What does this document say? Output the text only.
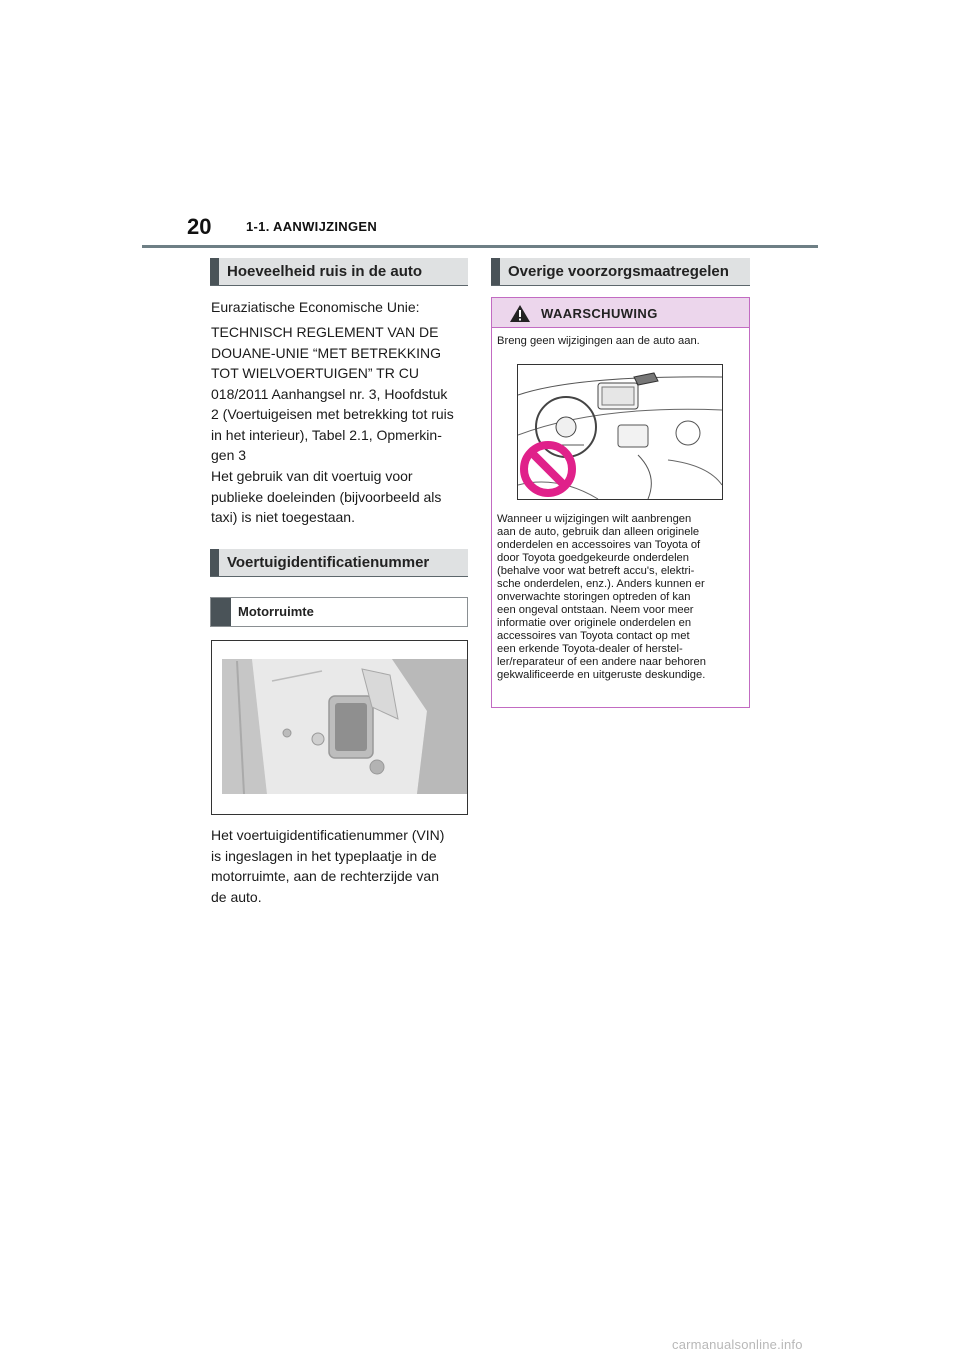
20	1-1. AANWIJZINGEN
Hoeveelheid ruis in de auto

Euraziatische Economische Unie:

TECHNISCH REGLEMENT VAN DE
DOUANE-UNIE “MET BETREKKING
TOT WIELVOERTUIGEN” TR CU
018/2011 Aanhangsel nr. 3, Hoofdstuk
2 (Voertuigeisen met betrekking tot ruis
in het interieur), Tabel 2.1, Opmerkin-
gen 3
Het gebruik van dit voertuig voor
publieke doeleinden (bijvoorbeeld als
taxi) is niet toegestaan.
Voertuigidentificatienummer
Motorruimte
Het voertuigidentificatienummer (VIN)
is ingeslagen in het typeplaatje in de
motorruimte, aan de rechterzijde van
de auto.
Overige voorzorgsmaatregelen
WAARSCHUWING

Breng geen wijzigingen aan de auto aan.

Wanneer u wijzigingen wilt aanbrengen
aan de auto, gebruik dan alleen originele
onderdelen en accessoires van Toyota of
door Toyota goedgekeurde onderdelen
(behalve voor wat betreft accu's, elektri-
sche onderdelen, enz.). Anders kunnen er
onverwachte storingen optreden of kan
een ongeval ontstaan. Neem voor meer
informatie over originele onderdelen en
accessoires van Toyota contact op met
een erkende Toyota-dealer of herstel-
ler/reparateur of een andere naar behoren
gekwalificeerde en uitgeruste deskundige.
carmanualsonline.info
